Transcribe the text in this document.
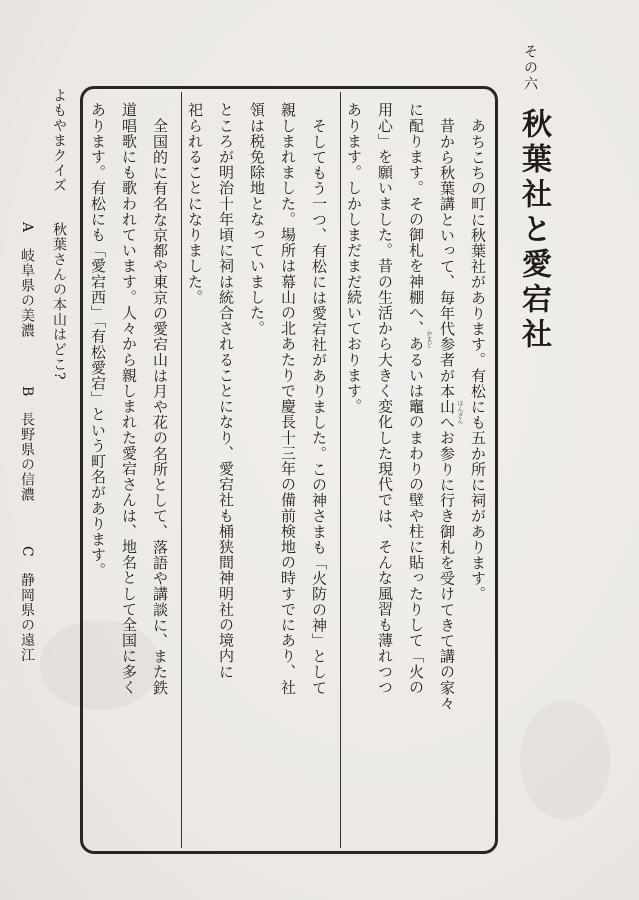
その六
秋葉社と愛宕社
あちこちの町に秋葉社があります。有松にも五か所に祠があります。
昔から秋葉講といって、毎年代参者が本山へお参りに行き御札を受けてきて講の家々
に配ります。その御札を神棚へ、あるいは竈のまわりの壁や柱に貼ったりして「火の
用心」を願いました。昔の生活から大きく変化した現代では、そんな風習も薄れつつ
あります。しかしまだまだ続いております。
そしてもう一つ、有松には愛宕社がありました。この神さまも「火防の神」として
親しまれました。場所は幕山の北あたりで慶長十三年の備前検地の時すでにあり、社
領は税免除地となっていました。
ところが明治十年頃に祠は統合されることになり、愛宕社も桶狭間神明社の境内に
祀られることになりました。
全国的に有名な京都や東京の愛宕山は月や花の名所として、落語や講談に、また鉄
道唱歌にも歌われています。人々から親しまれた愛宕さんは、地名として全国に多く
あります。有松にも「愛宕西」「有松愛宕」という町名があります。	ほんざん
かまど
よもやまクイズ
秋葉さんの本山はどこ?
A　岐阜県の美濃
B　長野県の信濃
C　静岡県の遠江
